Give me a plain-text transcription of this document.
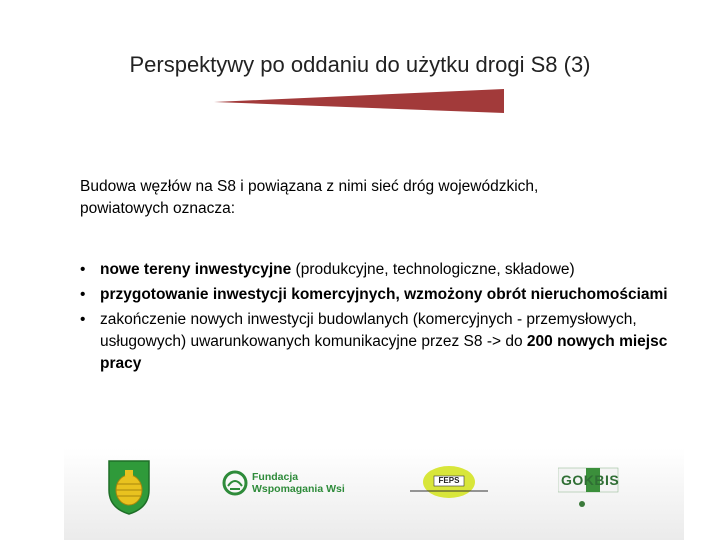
Perspektywy po oddaniu do użytku drogi S8 (3)
Budowa węzłów na S8 i powiązana z nimi sieć dróg wojewódzkich,
powiatowych oznacza:
• nowe tereny inwestycyjne (produkcyjne, technologiczne, składowe)
• przygotowanie inwestycji komercyjnych, wzmożony obrót nieruchomościami
• zakończenie nowych inwestycji budowlanych (komercyjnych - przemysłowych, usługowych) uwarunkowanych komunikacyjne przez S8 -> do 200 nowych miejsc pracy
Fundacja
Wspomagania Wsi
FEPS	GOKBIS
